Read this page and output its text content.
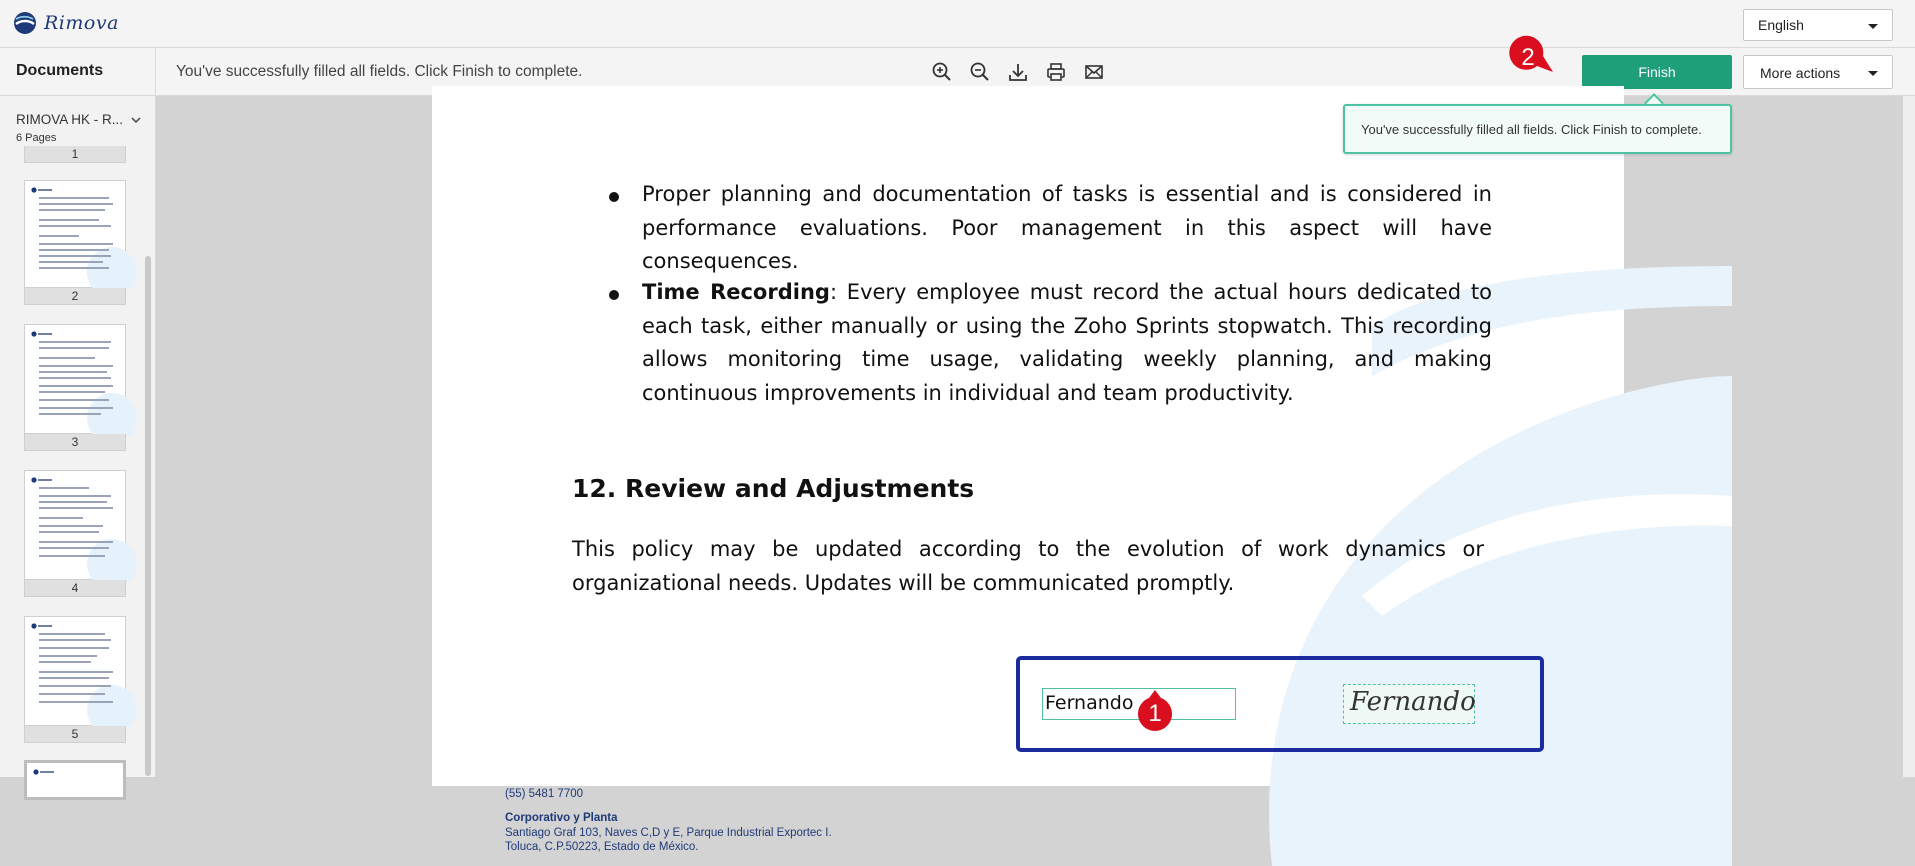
Rimova	English
Documents	You've successfully filled all fields. Click Finish to complete.	Finish	More actions
RIMOVA HK - R...
6 Pages
1
2
3
4
5
Proper planning and documentation of tasks is essential and is considered in performance evaluations. Poor management in this aspect will have consequences.
Time Recording: Every employee must record the actual hours dedicated to each task, either manually or using the Zoho Sprints stopwatch. This recording allows monitoring time usage, validating weekly planning, and making continuous improvements in individual and team productivity.
12. Review and Adjustments
This policy may be updated according to the evolution of work dynamics or organizational needs. Updates will be communicated promptly.
Fernando	Fernando
(55) 5481 7700
Corporativo y Planta
Santiago Graf 103, Naves C,D y E, Parque Industrial Exportec I.
Toluca, C.P.50223, Estado de México.
You've successfully filled all fields. Click Finish to complete.
1
2
